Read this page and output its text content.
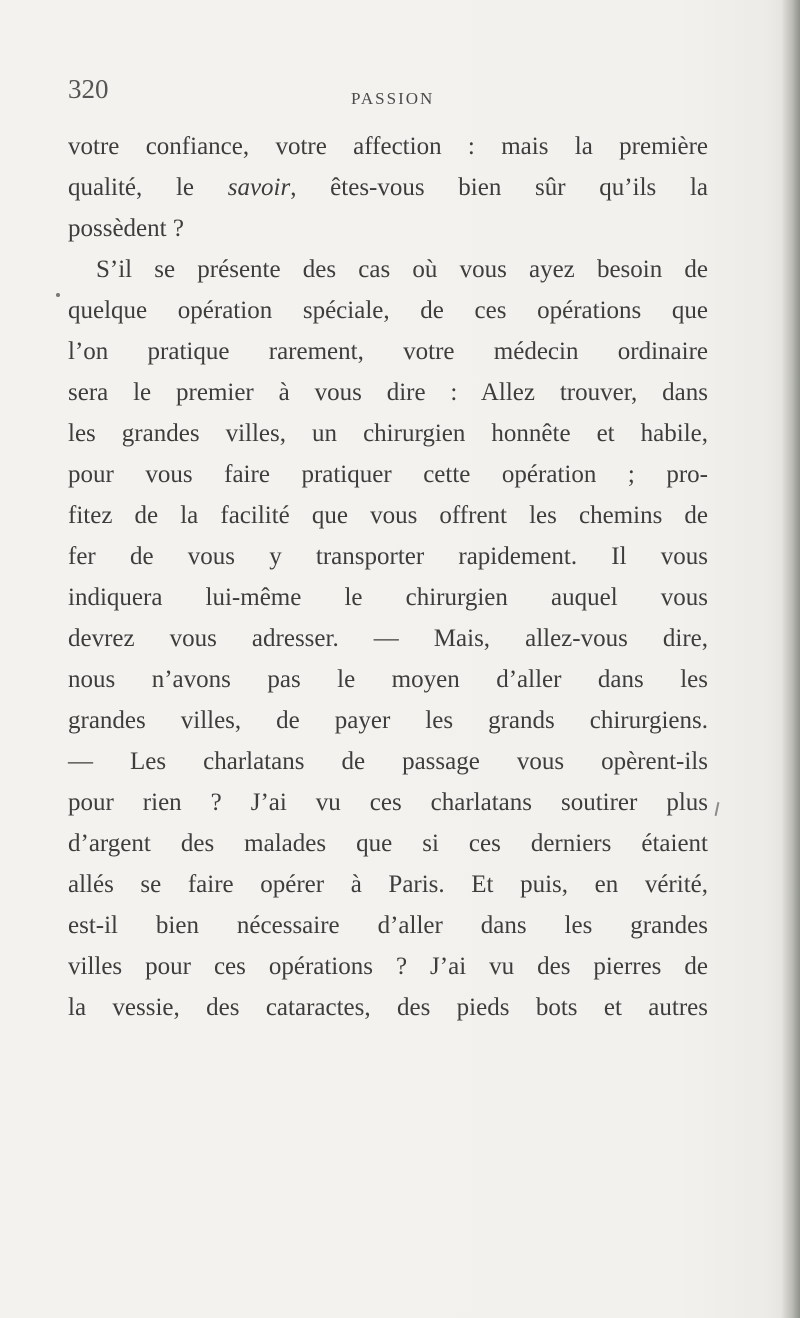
320	PASSION
votre confiance, votre affection : mais la première
qualité, le savoir, êtes-vous bien sûr qu’ils la
possèdent ?
S’il se présente des cas où vous ayez besoin de
quelque opération spéciale, de ces opérations que
l’on pratique rarement, votre médecin ordinaire
sera le premier à vous dire : Allez trouver, dans
les grandes villes, un chirurgien honnête et habile,
pour vous faire pratiquer cette opération ; pro-
fitez de la facilité que vous offrent les chemins de
fer de vous y transporter rapidement. Il vous
indiquera lui-même le chirurgien auquel vous
devrez vous adresser. — Mais, allez-vous dire,
nous n’avons pas le moyen d’aller dans les
grandes villes, de payer les grands chirurgiens.
— Les charlatans de passage vous opèrent-ils
pour rien ? J’ai vu ces charlatans soutirer plus
d’argent des malades que si ces derniers étaient
allés se faire opérer à Paris. Et puis, en vérité,
est-il bien nécessaire d’aller dans les grandes
villes pour ces opérations ? J’ai vu des pierres de
la vessie, des cataractes, des pieds bots et autres
